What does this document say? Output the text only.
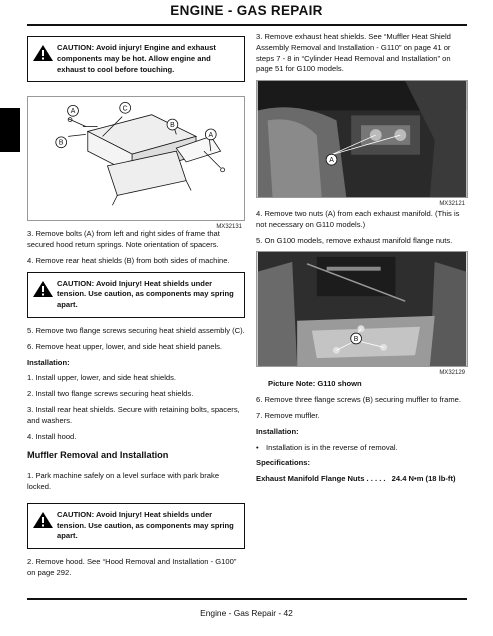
ENGINE - GAS REPAIR
CAUTION: Avoid injury! Engine and exhaust components may be hot. Allow engine and exhaust to cool before touching.
A
B
C
B
A
MX32131

3. Remove bolts (A) from left and right sides of frame that secured hood return springs. Note orientation of spacers.

4. Remove rear heat shields (B) from both sides of machine.

CAUTION: Avoid Injury! Heat shields under tension. Use caution, as components may spring apart.

5. Remove two flange screws securing heat shield assembly (C).

6. Remove heat upper, lower, and side heat shield panels.

Installation:

1. Install upper, lower, and side heat shields.

2. Install two flange screws securing heat shields.

3. Install rear heat shields. Secure with retaining bolts, spacers, and washers.

4. Install hood.

Muffler Removal and Installation

1. Park machine safely on a level surface with park brake locked.

CAUTION: Avoid Injury! Heat shields under tension. Use caution, as components may spring apart.

2. Remove hood. See “Hood Removal and Installation - G100” on page 292.

3. Remove exhaust heat shields. See “Muffler Heat Shield Assembly Removal and Installation - G110” on page 41 or steps 7 - 8 in “Cylinder Head Removal and Installation” on page 51 for G100 models.

A
MX32121

4. Remove two nuts (A) from each exhaust manifold. (This is not necessary on G110 models.)

5. On G100 models, remove exhaust manifold flange nuts.

B
MX32129

Picture Note: G110 shown

6. Remove three flange screws (B) securing muffler to frame.

7. Remove muffler.

Installation:

• Installation is in the reverse of removal.

Specifications:

Exhaust Manifold Flange Nuts . . . . . 24.4 N•m (18 lb-ft)

Engine - Gas Repair - 42
